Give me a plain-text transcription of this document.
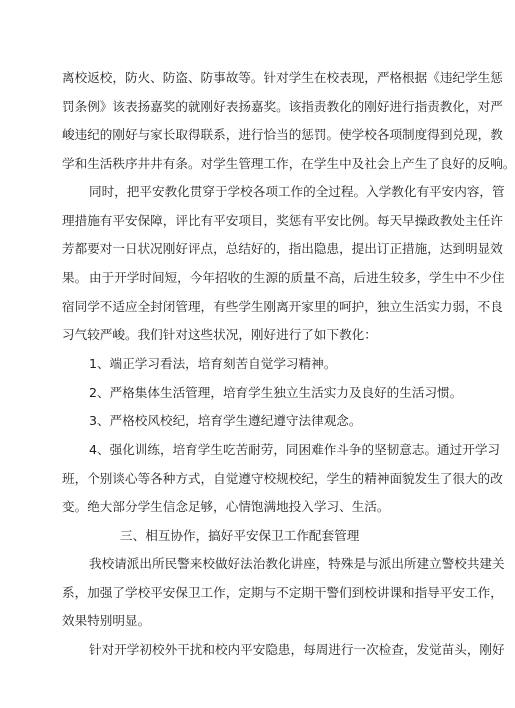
离校返校，防火、防盗、防事故等。针对学生在校表现，严格根据《违纪学生惩
罚条例》该表扬嘉奖的就刚好表扬嘉奖。该指责教化的刚好进行指责教化，对严
峻违纪的刚好与家长取得联系，进行恰当的惩罚。使学校各项制度得到兑现，教
学和生活秩序井井有条。对学生管理工作，在学生中及社会上产生了良好的反响。
同时，把平安教化贯穿于学校各项工作的全过程。入学教化有平安内容，管
理措施有平安保障，评比有平安项目，奖惩有平安比例。每天早操政教处主任许
芳都要对一日状况刚好评点，总结好的，指出隐患，提出订正措施，达到明显效
果。 由于开学时间短，今年招收的生源的质量不高，后进生较多，学生中不少住
宿同学不适应全封闭管理，有些学生刚离开家里的呵护，独立生活实力弱，不良
习气较严峻。我们针对这些状况，刚好进行了如下教化：
1、端正学习看法，培育刻苦自觉学习精神。
2、严格集体生活管理，培育学生独立生活实力及良好的生活习惯。
3、严格校风校纪，培育学生遵纪遵守法律观念。
4、强化训练，培育学生吃苦耐劳，同困难作斗争的坚韧意志。通过开学习
班，个别谈心等各种方式，自觉遵守校规校纪，学生的精神面貌发生了很大的改
变。绝大部分学生信念足够，心情饱满地投入学习、生活。
三、相互协作，搞好平安保卫工作配套管理
我校请派出所民警来校做好法治教化讲座，特殊是与派出所建立警校共建关
系，加强了学校平安保卫工作，定期与不定期干警们到校讲课和指导平安工作，
效果特别明显。
针对开学初校外干扰和校内平安隐患，每周进行一次检查，发觉苗头，刚好
